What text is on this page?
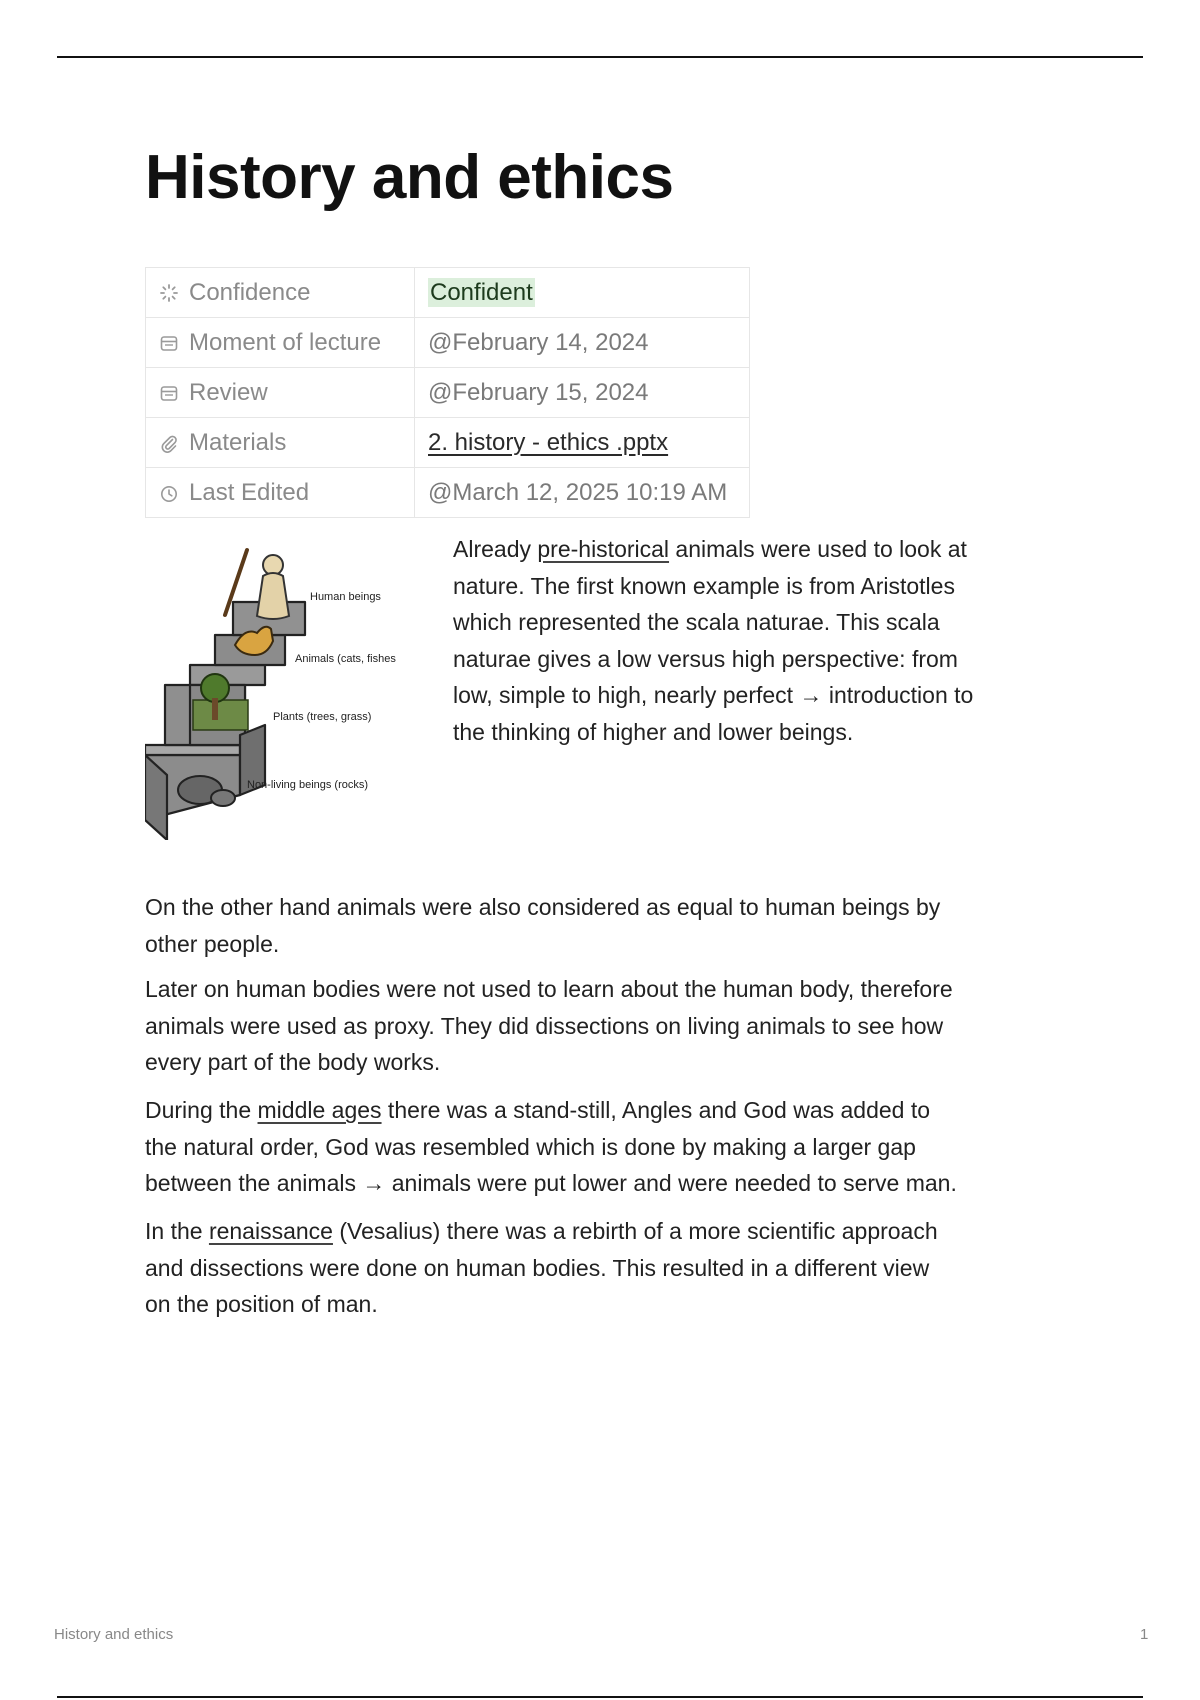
History and ethics
Confidence	Confident

Moment of lecture	@February 14, 2024

Review	@February 15, 2024

Materials	2. history - ethics .pptx

Last Edited	@March 12, 2025 10:19 AM
Human beings
Animals (cats, fishes
Plants (trees, grass)
Non-living beings (rocks)

Already pre-historical animals were used to look at
nature. The first known example is from Aristotles
which represented the scala naturae. This scala
naturae gives a low versus high perspective: from
low, simple to high, nearly perfect → introduction to
the thinking of higher and lower beings.

On the other hand animals were also considered as equal to human beings by
other people.

Later on human bodies were not used to learn about the human body, therefore
animals were used as proxy. They did dissections on living animals to see how
every part of the body works.

During the middle ages there was a stand-still, Angles and God was added to
the natural order, God was resembled which is done by making a larger gap
between the animals → animals were put lower and were needed to serve man.

In the renaissance (Vesalius) there was a rebirth of a more scientific approach
and dissections were done on human bodies. This resulted in a different view
on the position of man.

History and ethics	1
